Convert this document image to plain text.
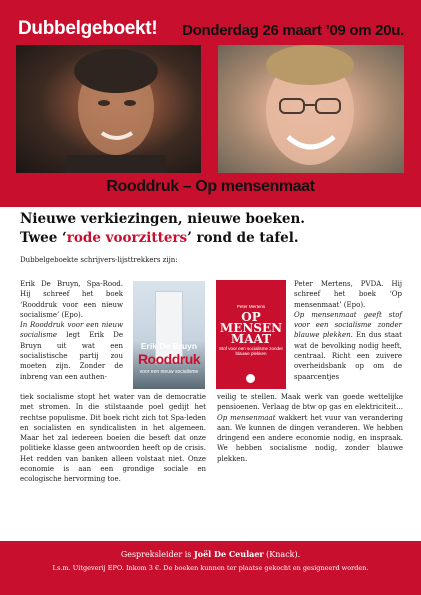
Dubbelgeboekt! Donderdag 26 maart ’09 om 20u.
Rooddruk – Op mensenmaat
Nieuwe verkiezingen, nieuwe boeken.
Twee ‘rode voorzitters’ rond de tafel.
Dubbelgeboekte schrijvers-lijsttrekkers zijn:
Erik De Bruyn, Spa-Rood. Hij schreef het boek ‘Rooddruk voor een nieuw socialisme’ (Epo).
In Rooddruk voor een nieuw socialisme legt Erik De Bruyn uit wat een socialistische partij zou moeten zijn. Zonder de inbreng van een authen-
Erik De Bruyn
Rooddruk
voor een nieuw socialisme
Peter Mertens
OP
MENSEN
MAAT
Stof voor een socialisme zonder blauwe plekken
Peter Mertens, PVDA. Hij schreef het boek ‘Op mensenmaat’ (Epo).
Op mensenmaat geeft stof voor een socialisme zonder blauwe plekken. En dus staat wat de bevolking nodig heeft, centraal. Richt een zuivere overheidsbank op om de spaarcentjes
tiek socialisme stopt het water van de democratie met stromen. In die stilstaande poel gedijt het rechtse populisme. Dit boek richt zich tot Spa-leden en socialisten en syndicalisten in het algemeen. Maar het zal iedereen boeien die beseft dat onze politieke klasse geen antwoorden heeft op de crisis. Het redden van banken alleen volstaat niet. Onze economie is aan een grondige sociale en ecologische hervorming toe.
veilig te stellen. Maak werk van goede wettelijke pensioenen. Verlaag de btw op gas en elektriciteit... Op mensenmaat wakkert het vuur van verandering aan. We kunnen de dingen veranderen. We hebben dringend een andere economie nodig, en inspraak. We hebben socialisme nodig, zonder blauwe plekken.
Gespreksleider is Joël De Ceulaer (Knack).
I.s.m. Uitgeverij EPO. Inkom 3 €. De boeken kunnen ter plaatse gekocht en gesigneerd worden.
